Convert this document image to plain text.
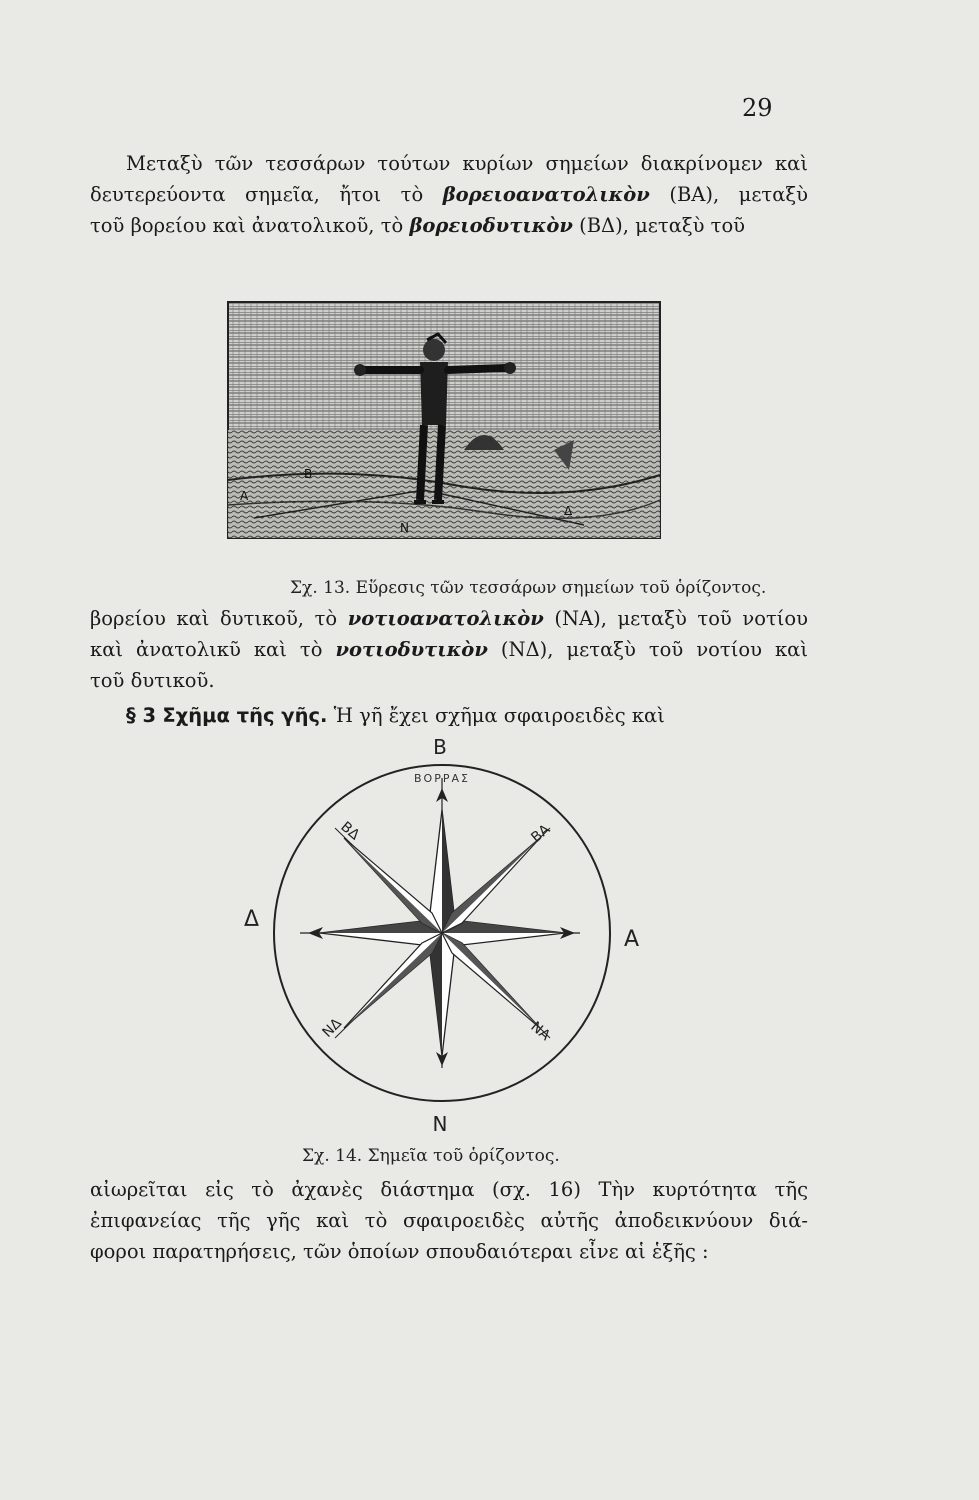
29
Μεταξὺ τῶν τεσσάρων τούτων κυρίων σημείων διακρίνομεν καὶ
δευτερεύοντα σημεῖα, ἤτοι τὸ βορειοανατολικὸν (ΒΑ), μεταξὺ
τοῦ βορείου καὶ ἀνατολικοῦ, τὸ βορειοδυτικὸν (ΒΔ), μεταξὺ τοῦ
A
B
Δ
N
Σχ. 13. Εὕρεσις τῶν τεσσάρων σημείων τοῦ ὁρίζοντος.
βορείου καὶ δυτικοῦ, τὸ νοτιοανατολικὸν (ΝΑ), μεταξὺ τοῦ νοτίου
καὶ ἀνατολικῦ καὶ τὸ νοτιοδυτικὸν (ΝΔ), μεταξὺ τοῦ νοτίου καὶ
τοῦ δυτικοῦ.
§ 3 Σχῆμα τῆς γῆς. Ἡ γῆ ἔχει σχῆμα σφαιροειδὲς καὶ
B
ΒΟΡΡΑΣ
Δ
A
N
ΒΔ	ΒΑ
ΝΔ	ΝΑ
Σχ. 14. Σημεῖα τοῦ ὁρίζοντος.
αἰωρεῖται εἰς τὸ ἀχανὲς διάστημα (σχ. 16) Τὴν κυρτότητα τῆς
ἐπιφανείας τῆς γῆς καὶ τὸ σφαιροειδὲς αὐτῆς ἀποδεικνύουν διά-
φοροι παρατηρήσεις, τῶν ὁποίων σπουδαιότεραι εἶνε αἱ ἑξῆς :
